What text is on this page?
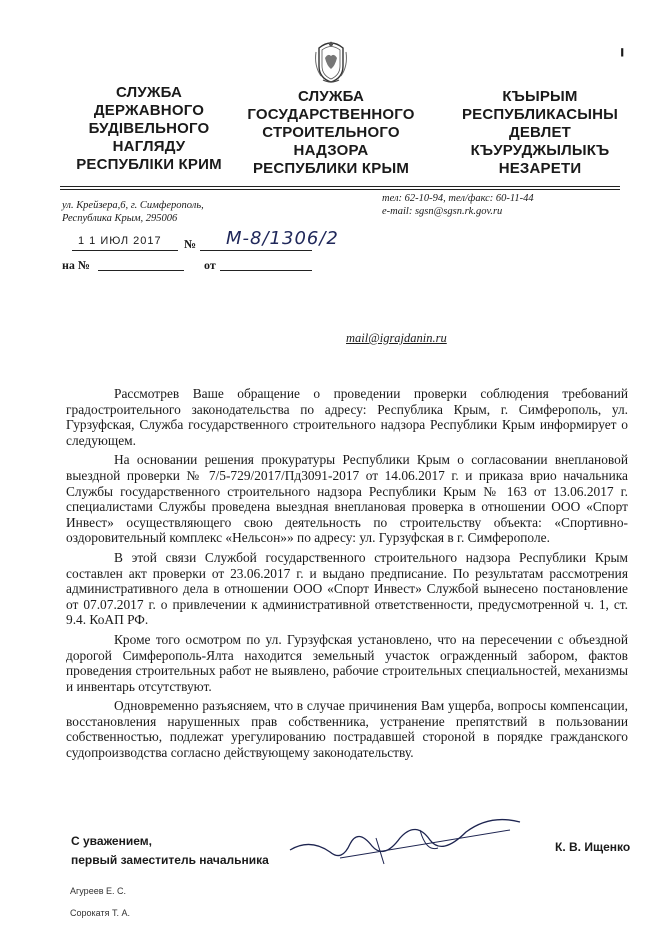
╻
СЛУЖБА
ДЕРЖАВНОГО
БУДІВЕЛЬНОГО
НАГЛЯДУ
РЕСПУБЛІКИ КРИМ
СЛУЖБА
ГОСУДАРСТВЕННОГО
СТРОИТЕЛЬНОГО
НАДЗОРА
РЕСПУБЛИКИ КРЫМ
КЪЫРЫМ
РЕСПУБЛИКАСЫНЫ
ДЕВЛЕТ
КЪУРУДЖЫЛЫКЪ
НЕЗАРЕТИ
ул. Крейзера,6, г. Симферополь,
Республика Крым, 295006
тел: 62-10-94, тел/факс: 60-11-44
e-mail: sgsn@sgsn.rk.gov.ru
1 1 ИЮЛ 2017 № М-8/1306/2
на №	от
mail@igrajdanin.ru

Рассмотрев Ваше обращение о проведении проверки соблюдения требований градостроительного законодательства по адресу: Республика Крым, г. Симферополь, ул. Гурзуфская, Служба государственного строительного надзора Республики Крым информирует о следующем.

На основании решения прокуратуры Республики Крым о согласовании внеплановой выездной проверки № 7/5-729/2017/Пд3091-2017 от 14.06.2017 г. и приказа врио начальника Службы государственного строительного надзора Республики Крым № 163 от 13.06.2017 г. специалистами Службы проведена выездная внеплановая проверка в отношении ООО «Спорт Инвест» осуществляющего свою деятельность по строительству объекта: «Спортивно-оздоровительный комплекс «Нельсон»» по адресу: ул. Гурзуфская в г. Симферополе.

В этой связи Службой государственного строительного надзора Республики Крым составлен акт проверки от 23.06.2017 г. и выдано предписание. По результатам рассмотрения административного дела в отношении ООО «Спорт Инвест» Службой вынесено постановление от 07.07.2017 г. о привлечении к административной ответственности, предусмотренной ч. 1, ст. 9.4. КоАП РФ.

Кроме того осмотром по ул. Гурзуфская установлено, что на пересечении с объездной дорогой Симферополь-Ялта находится земельный участок огражденный забором, фактов проведения строительных работ не выявлено, рабочие строительных специальностей, механизмы и инвентарь отсутствуют.

Одновременно разъясняем, что в случае причинения Вам ущерба, вопросы компенсации, восстановления нарушенных прав собственника, устранение препятствий в пользовании собственностью, подлежат урегулированию пострадавшей стороной в порядке гражданского судопроизводства согласно действующему законодательству.

С уважением,
первый заместитель начальника
К. В. Ищенко
Агуреев Е. С.
Сорокатя Т. А.
